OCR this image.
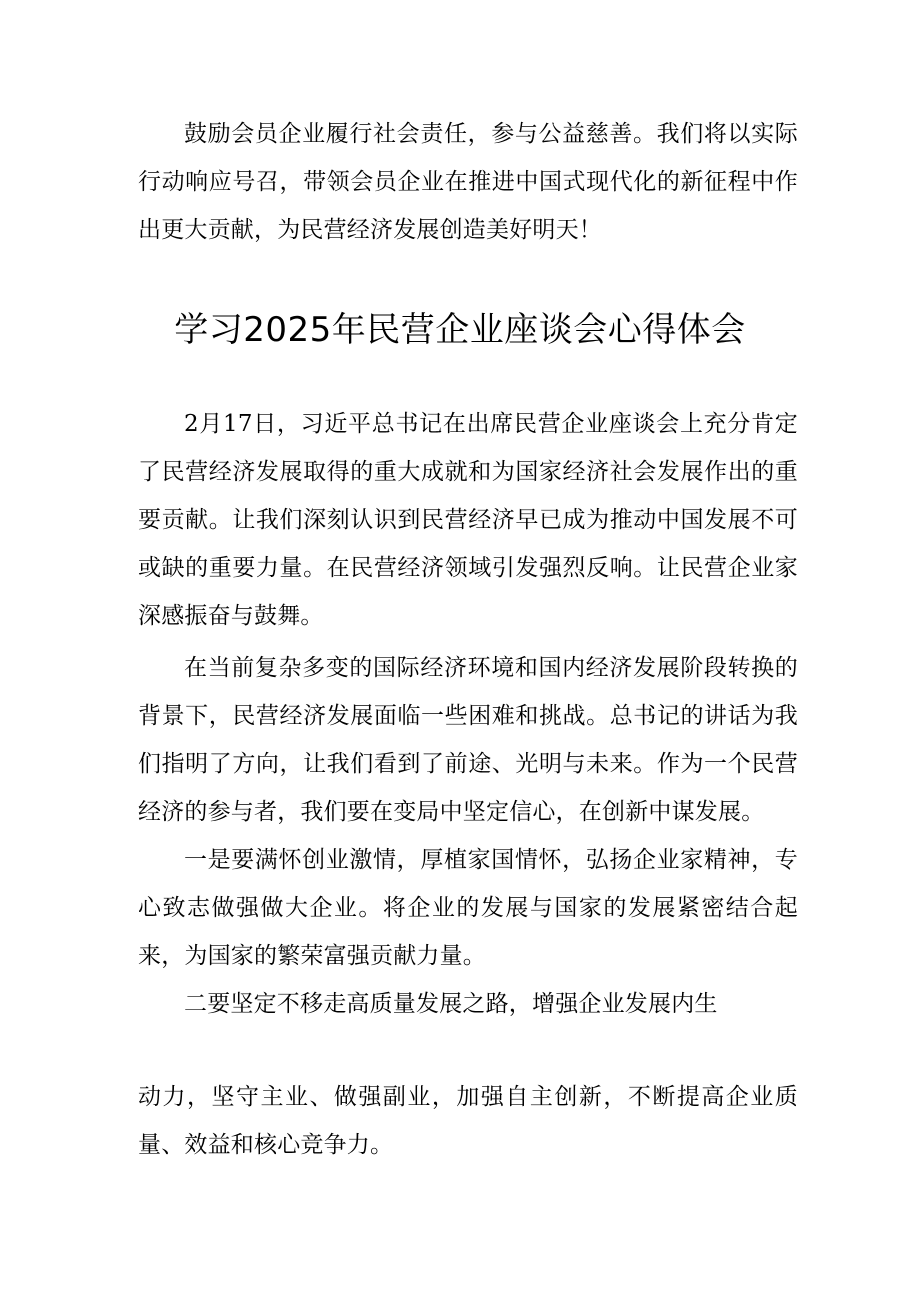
鼓励会员企业履行社会责任，参与公益慈善。我们将以实际行动响应号召，带领会员企业在推进中国式现代化的新征程中作出更大贡献，为民营经济发展创造美好明天！

学习2025年民营企业座谈会心得体会

2月17日，习近平总书记在出席民营企业座谈会上充分肯定了民营经济发展取得的重大成就和为国家经济社会发展作出的重要贡献。让我们深刻认识到民营经济早已成为推动中国发展不可或缺的重要力量。在民营经济领域引发强烈反响。让民营企业家深感振奋与鼓舞。

在当前复杂多变的国际经济环境和国内经济发展阶段转换的背景下，民营经济发展面临一些困难和挑战。总书记的讲话为我们指明了方向，让我们看到了前途、光明与未来。作为一个民营经济的参与者，我们要在变局中坚定信心，在创新中谋发展。

一是要满怀创业激情，厚植家国情怀，弘扬企业家精神，专心致志做强做大企业。将企业的发展与国家的发展紧密结合起来，为国家的繁荣富强贡献力量。

二要坚定不移走高质量发展之路，增强企业发展内生

动力，坚守主业、做强副业，加强自主创新，不断提高企业质量、效益和核心竞争力。
